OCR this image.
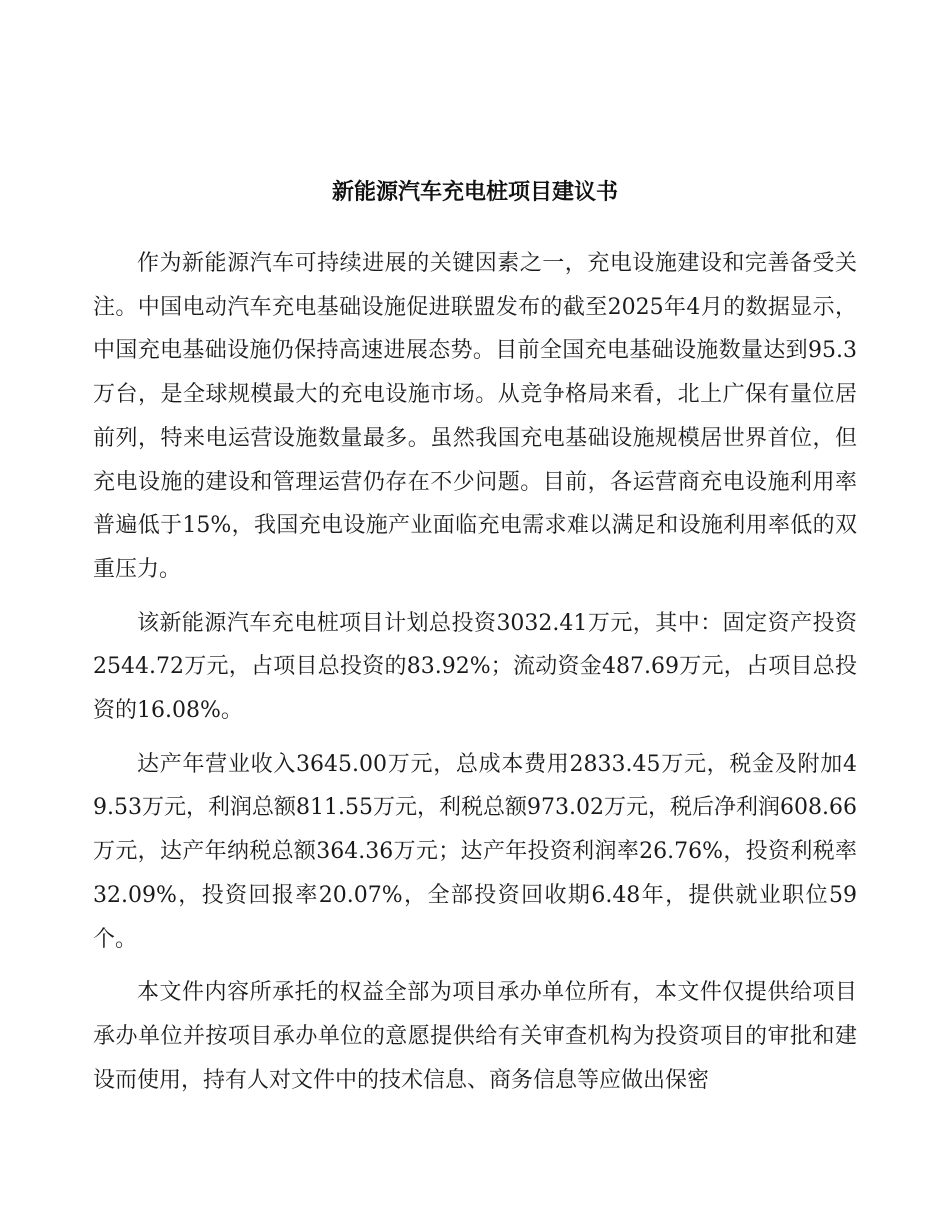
新能源汽车充电桩项目建议书

作为新能源汽车可持续进展的关键因素之一，充电设施建设和完善备受关注。中国电动汽车充电基础设施促进联盟发布的截至2025年4月的数据显示，中国充电基础设施仍保持高速进展态势。目前全国充电基础设施数量达到95.3万台，是全球规模最大的充电设施市场。从竞争格局来看，北上广保有量位居前列，特来电运营设施数量最多。虽然我国充电基础设施规模居世界首位，但充电设施的建设和管理运营仍存在不少问题。目前，各运营商充电设施利用率普遍低于15%，我国充电设施产业面临充电需求难以满足和设施利用率低的双重压力。

该新能源汽车充电桩项目计划总投资3032.41万元，其中：固定资产投资2544.72万元，占项目总投资的83.92%；流动资金487.69万元，占项目总投资的16.08%。

达产年营业收入3645.00万元，总成本费用2833.45万元，税金及附加49.53万元，利润总额811.55万元，利税总额973.02万元，税后净利润608.66万元，达产年纳税总额364.36万元；达产年投资利润率26.76%，投资利税率32.09%，投资回报率20.07%，全部投资回收期6.48年，提供就业职位59个。

本文件内容所承托的权益全部为项目承办单位所有，本文件仅提供给项目承办单位并按项目承办单位的意愿提供给有关审查机构为投资项目的审批和建设而使用，持有人对文件中的技术信息、商务信息等应做出保密
